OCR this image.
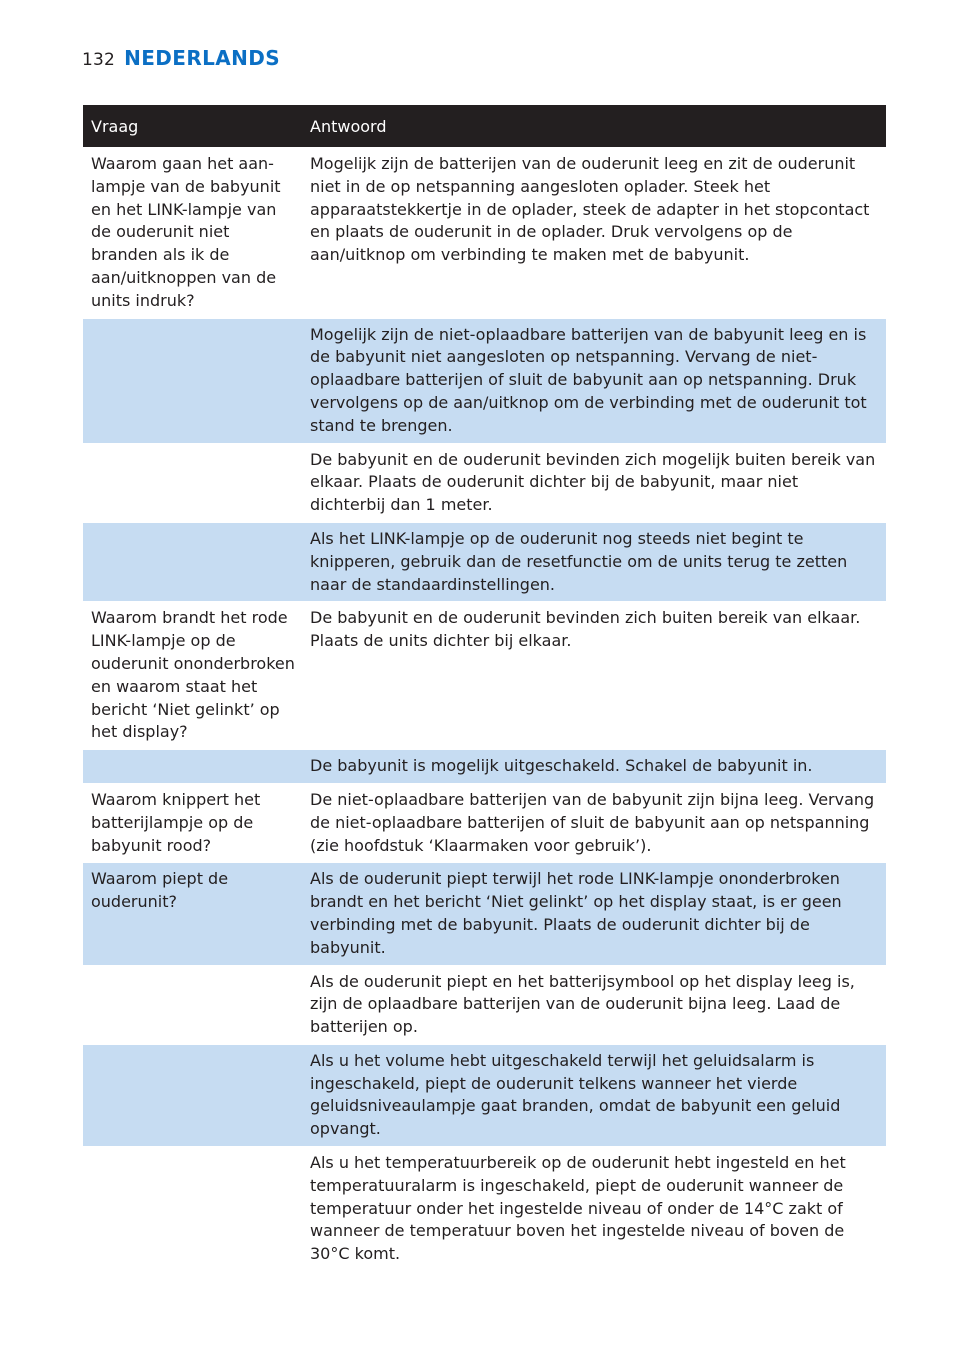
132 NEDERLANDS
Vraag	Antwoord
Waarom gaan het aan-lampje van de babyunit en het LINK-lampje van de ouderunit niet branden als ik de aan/uitknoppen van de units indruk?	Mogelijk zijn de batterijen van de ouderunit leeg en zit de ouderunit niet in de op netspanning aangesloten oplader. Steek het apparaatstekkertje in de oplader, steek de adapter in het stopcontact en plaats de ouderunit in de oplader. Druk vervolgens op de aan/uitknop om verbinding te maken met de babyunit.
	Mogelijk zijn de niet-oplaadbare batterijen van de babyunit leeg en is de babyunit niet aangesloten op netspanning. Vervang de niet-oplaadbare batterijen of sluit de babyunit aan op netspanning. Druk vervolgens op de aan/uitknop om de verbinding met de ouderunit tot stand te brengen.
	De babyunit en de ouderunit bevinden zich mogelijk buiten bereik van elkaar. Plaats de ouderunit dichter bij de babyunit, maar niet dichterbij dan 1 meter.
	Als het LINK-lampje op de ouderunit nog steeds niet begint te knipperen, gebruik dan de resetfunctie om de units terug te zetten naar de standaardinstellingen.
Waarom brandt het rode LINK-lampje op de ouderunit ononderbroken en waarom staat het bericht ‘Niet gelinkt’ op het display?	De babyunit en de ouderunit bevinden zich buiten bereik van elkaar. Plaats de units dichter bij elkaar.
	De babyunit is mogelijk uitgeschakeld. Schakel de babyunit in.
Waarom knippert het batterijlampje op de babyunit rood?	De niet-oplaadbare batterijen van de babyunit zijn bijna leeg. Vervang de niet-oplaadbare batterijen of sluit de babyunit aan op netspanning (zie hoofdstuk ‘Klaarmaken voor gebruik’).
Waarom piept de ouderunit?	Als de ouderunit piept terwijl het rode LINK-lampje ononderbroken brandt en het bericht ‘Niet gelinkt’ op het display staat, is er geen verbinding met de babyunit. Plaats de ouderunit dichter bij de babyunit.
	Als de ouderunit piept en het batterijsymbool op het display leeg is, zijn de oplaadbare batterijen van de ouderunit bijna leeg. Laad de batterijen op.
	Als u het volume hebt uitgeschakeld terwijl het geluidsalarm is ingeschakeld, piept de ouderunit telkens wanneer het vierde geluidsniveaulampje gaat branden, omdat de babyunit een geluid opvangt.
	Als u het temperatuurbereik op de ouderunit hebt ingesteld en het temperatuuralarm is ingeschakeld, piept de ouderunit wanneer de temperatuur onder het ingestelde niveau of onder de 14°C zakt of wanneer de temperatuur boven het ingestelde niveau of boven de 30°C komt.
